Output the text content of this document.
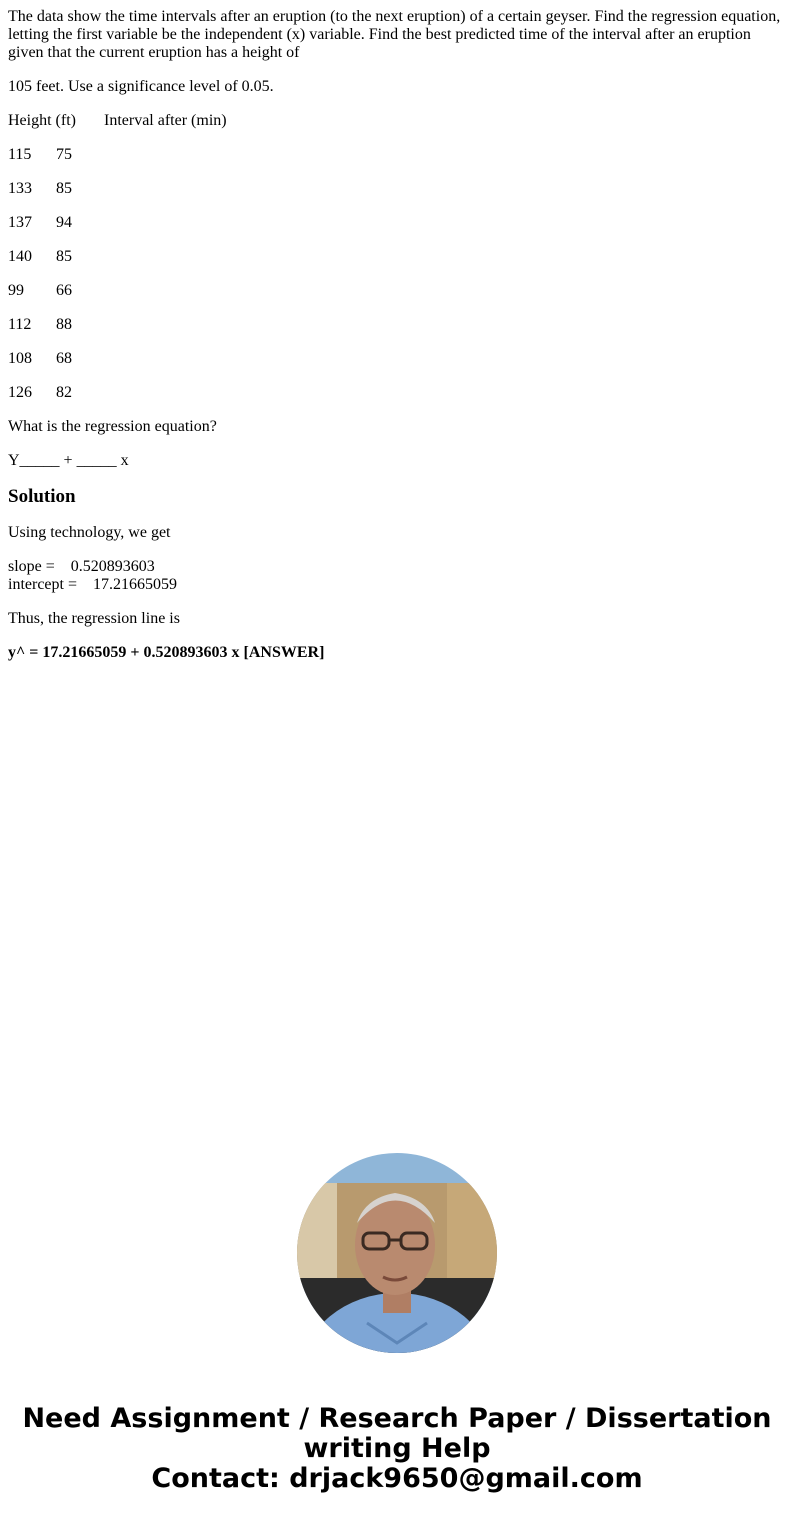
The data show the time intervals after an eruption (to the next eruption) of a certain geyser. Find the regression equation, letting the first variable be the independent (x) variable. Find the best predicted time of the interval after an eruption given that the current eruption has a height of

105 feet. Use a significance level of 0.05.

Height (ft)	Interval after (min)

115	75

133	85

137	94

140	85

99	66

112	88

108	68

126	82

What is the regression equation?

Y_____ + _____ x

Solution

Using technology, we get

slope =    0.520893603

intercept =    17.21665059

Thus, the regression line is

y^ = 17.21665059 + 0.520893603 x [ANSWER]

Need Assignment / Research Paper / Dissertation
writing Help
Contact: drjack9650@gmail.com
